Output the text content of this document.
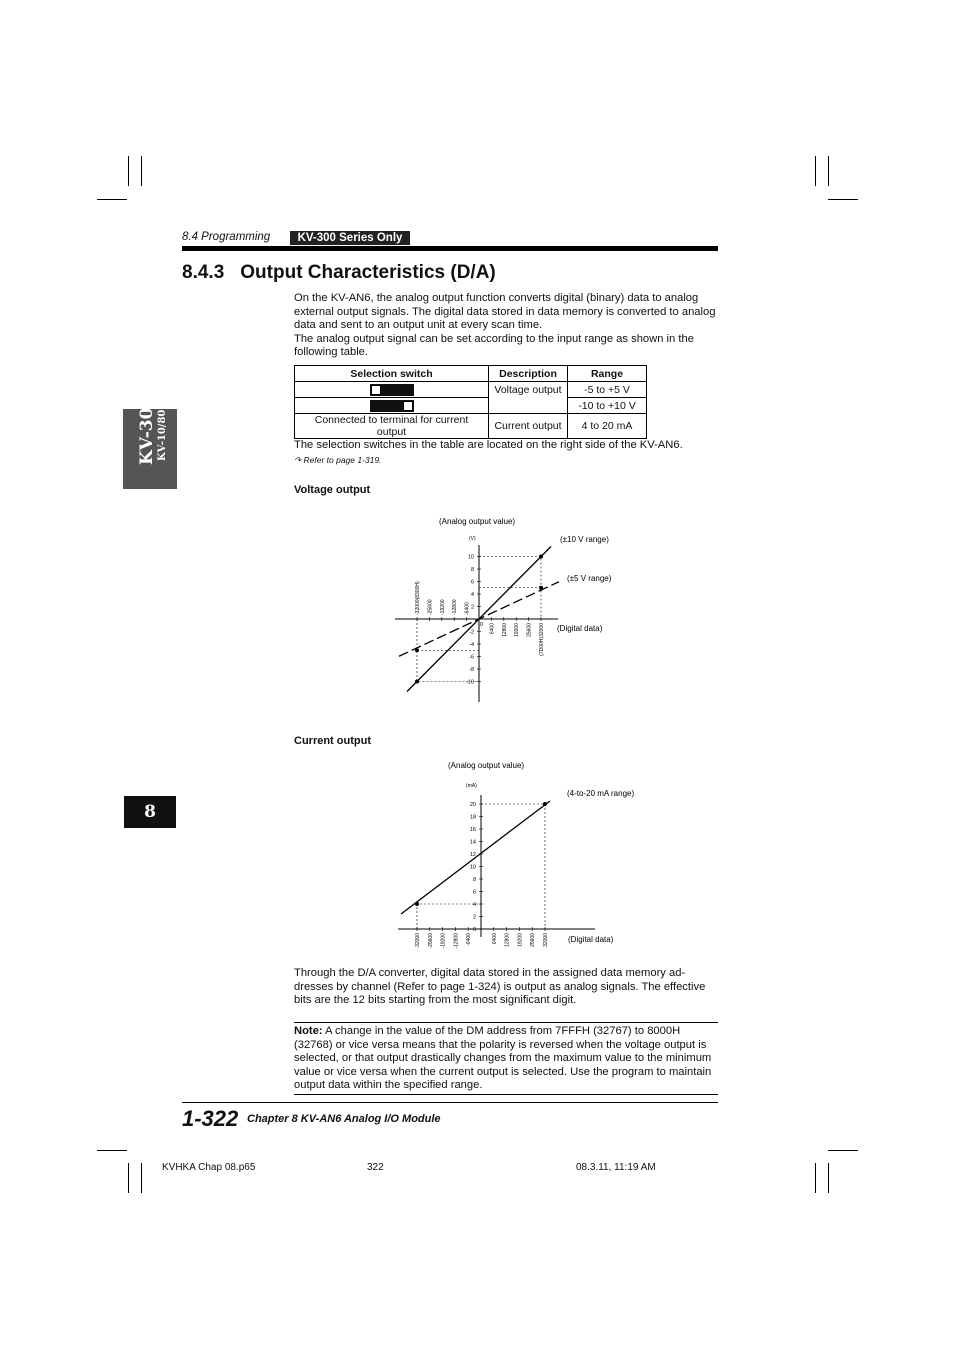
8.4 Programming	KV-300 Series Only
8.4.3 Output Characteristics (D/A)
On the KV-AN6, the analog output function converts digital (binary) data to analog external output signals. The digital data stored in data memory is converted to analog data and sent to an output unit at every scan time.
The analog output signal can be set according to the input range as shown in the following table.
Selection switch	Description	Range

	Voltage output	-5 to +5 V

		-10 to +10 V
Connected to terminal for current output	Current output	4 to 20 mA
The selection switches in the table are located on the right side of the KV-AN6.
↷ Refer to page 1-319.
Voltage output
KV-300 KV-10/80
(Analog output value)
(V)
(Digital data)
10
8
6
4
2
-2
-4
-6
-8
-10
0 6400 12800 19200 25600 (7D00H)32000
-32000(8300H) -25600 -19200 -12800 -6400
(±10 V range)
(±5 V range)
Current output
8
(Analog output value)
(mA)
(Digital data)
20
18
16
14
12
10
8
6
4
2
0
6400 12800 19200 25600 32000
-32000 -25600 -19200 -12800 -6400
(4-to-20 mA range)
Through the D/A converter, digital data stored in the assigned data memory ad-dresses by channel (Refer to page 1-324) is output as analog signals. The effective bits are the 12 bits starting from the most significant digit.
Note: A change in the value of the DM address from 7FFFH (32767) to 8000H (32768) or vice versa means that the polarity is reversed when the voltage output is selected, or that output drastically changes from the maximum value to the minimum value or vice versa when the current output is selected. Use the program to maintain output data within the specified range.
1-322 Chapter 8 KV-AN6 Analog I/O Module
KVHKA Chap 08.p65	322	08.3.11, 11:19 AM
